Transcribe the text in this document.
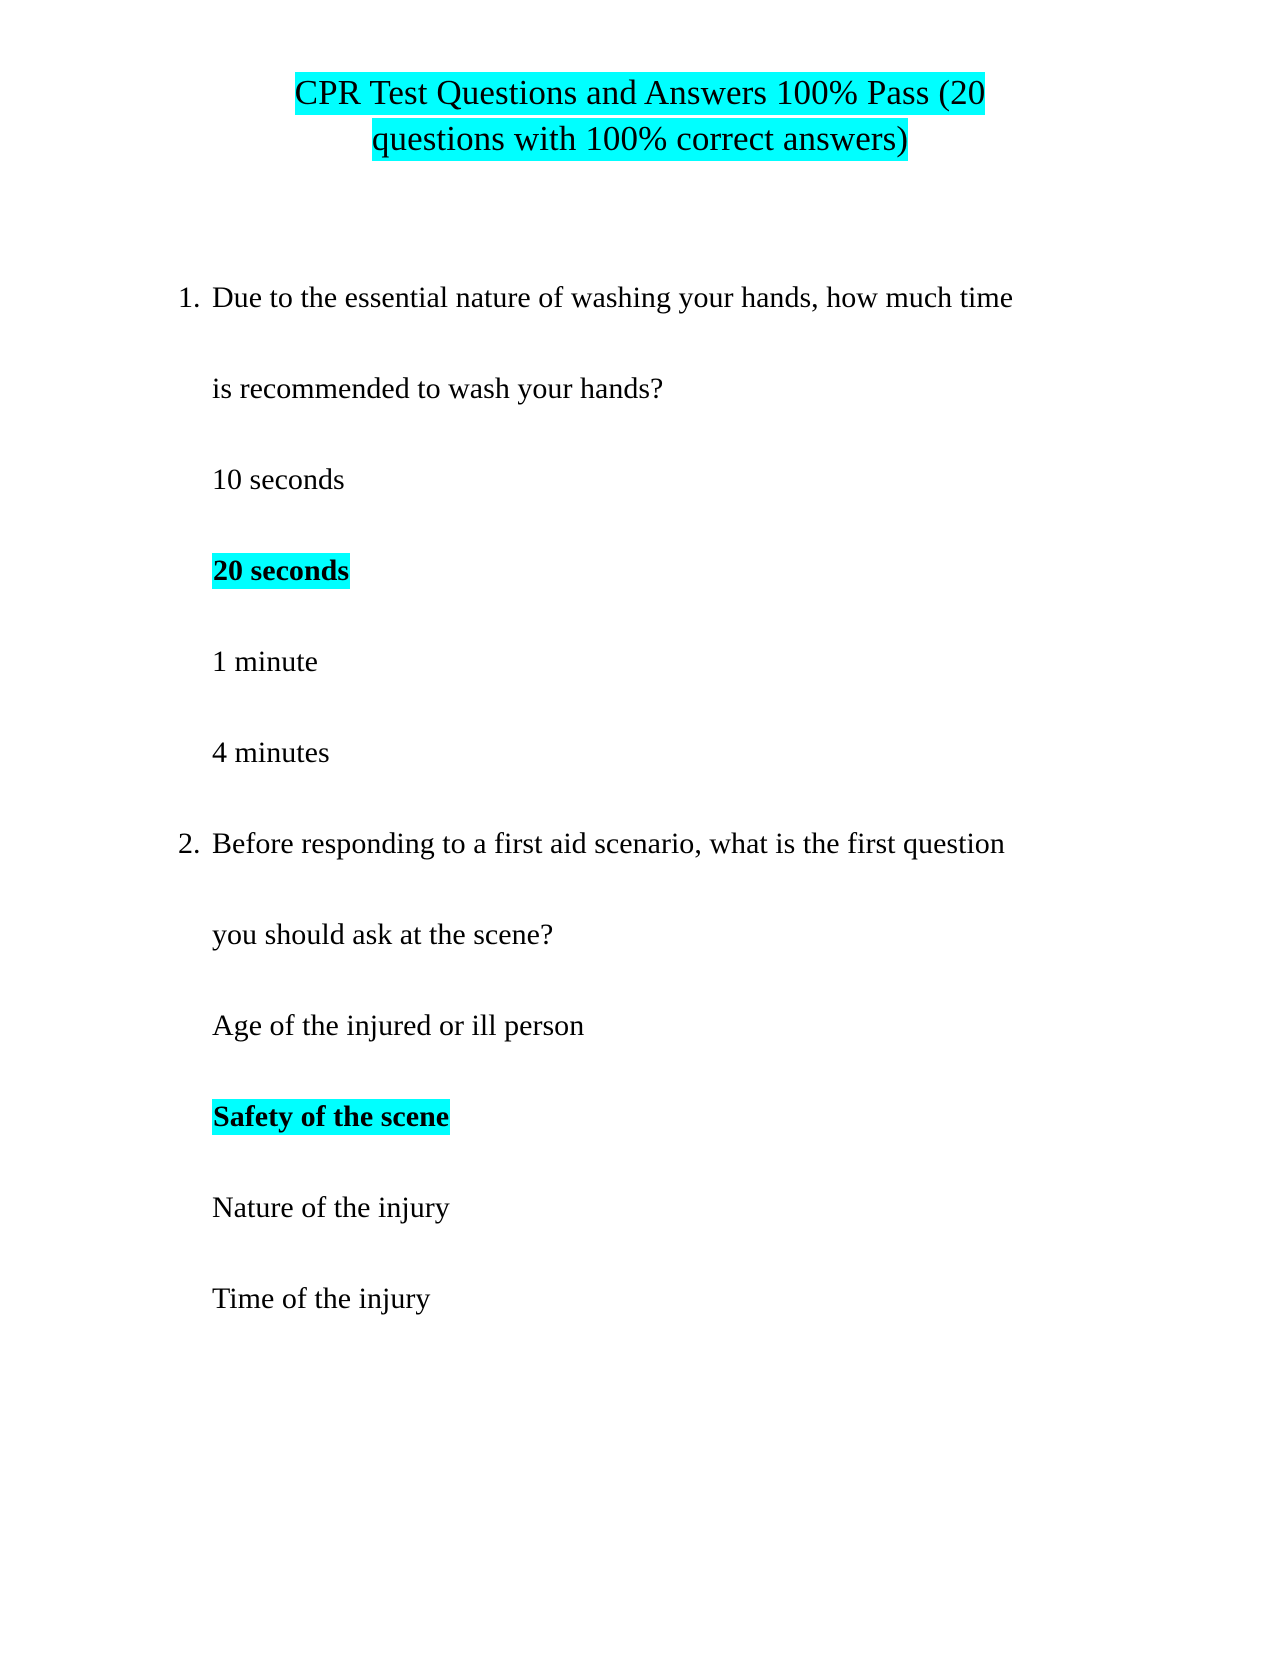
CPR Test Questions and Answers 100% Pass (20
questions with 100% correct answers)
1. Due to the essential nature of washing your hands, how much time
is recommended to wash your hands?
10 seconds
20 seconds
1 minute
4 minutes
2. Before responding to a first aid scenario, what is the first question
you should ask at the scene?
Age of the injured or ill person
Safety of the scene
Nature of the injury
Time of the injury
